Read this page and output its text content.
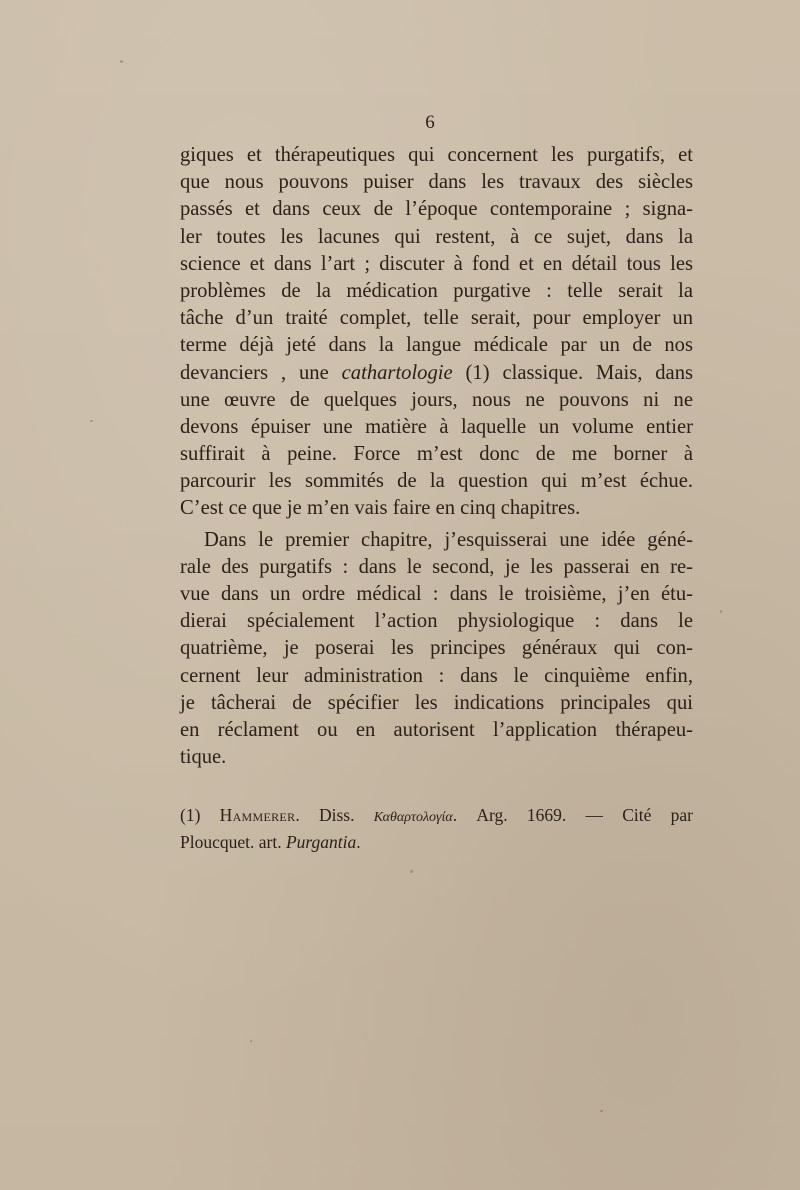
6
giques et thérapeutiques qui concernent les purgatifs, et
que nous pouvons puiser dans les travaux des siècles
passés et dans ceux de l’époque contemporaine ; signa-
ler toutes les lacunes qui restent, à ce sujet, dans la
science et dans l’art ; discuter à fond et en détail tous les
problèmes de la médication purgative : telle serait la
tâche d’un traité complet, telle serait, pour employer un
terme déjà jeté dans la langue médicale par un de nos
devanciers , une cathartologie (1) classique. Mais, dans
une œuvre de quelques jours, nous ne pouvons ni ne
devons épuiser une matière à laquelle un volume entier
suffirait à peine. Force m’est donc de me borner à
parcourir les sommités de la question qui m’est échue.
C’est ce que je m’en vais faire en cinq chapitres.
Dans le premier chapitre, j’esquisserai une idée géné-
rale des purgatifs : dans le second, je les passerai en re-
vue dans un ordre médical : dans le troisième, j’en étu-
dierai spécialement l’action physiologique : dans le
quatrième, je poserai les principes généraux qui con-
cernent leur administration : dans le cinquième enfin,
je tâcherai de spécifier les indications principales qui
en réclament ou en autorisent l’application thérapeu-
tique.
(1) Hammerer. Diss. Καθαρτολογία. Arg. 1669. — Cité par
Ploucquet. art. Purgantia.
